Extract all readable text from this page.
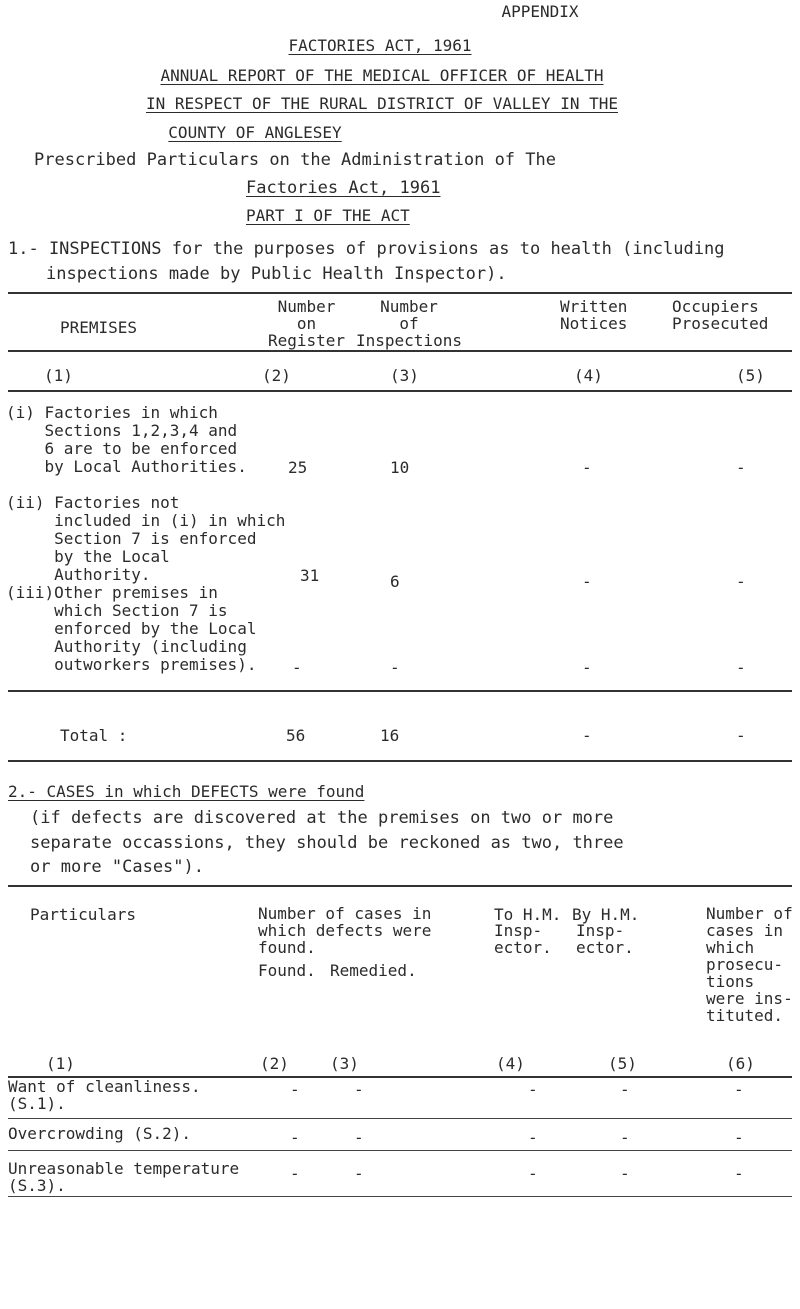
APPENDIX
FACTORIES ACT, 1961
ANNUAL REPORT OF THE MEDICAL OFFICER OF HEALTH
IN RESPECT OF THE RURAL DISTRICT OF VALLEY IN THE
COUNTY OF ANGLESEY
Prescribed Particulars on the Administration of The
Factories Act, 1961
PART I OF THE ACT
1.- INSPECTIONS for the purposes of provisions as to health (including
inspections made by Public Health Inspector).
PREMISES
Number
on
Register
Number
of
Inspections
Written
Notices
Occupiers
Prosecuted
(1)	(2)	(3)	(4)	(5)
(i) Factories in which
Sections 1,2,3,4 and
6 are to be enforced
by Local Authorities.	25	10	-	-
(ii) Factories not
included in (i) in which
Section 7 is enforced
by the Local
Authority.	31	6	-	-
(iii)Other premises in
which Section 7 is
enforced by the Local
Authority (including
outworkers premises). -	-	-	-
Total :	56	16	-	-
2.- CASES in which DEFECTS were found
(if defects are discovered at the premises on two or more
separate occassions, they should be reckoned as two, three
or more "Cases").
Particulars	Number of cases in
which defects were
found.
Found. Remedied.
To H.M.
Insp-
ector.
By H.M.
Insp-
ector.
Number of
cases in
which
prosecu-
tions
were ins-
tituted.
(1)	(2)	(3)	(4)	(5)	(6)
Want of cleanliness.
(S.1).
-	-	-	-	-
Overcrowding (S.2).	-	-	-	-	-
Unreasonable temperature
(S.3).
-	-	-	-	-
